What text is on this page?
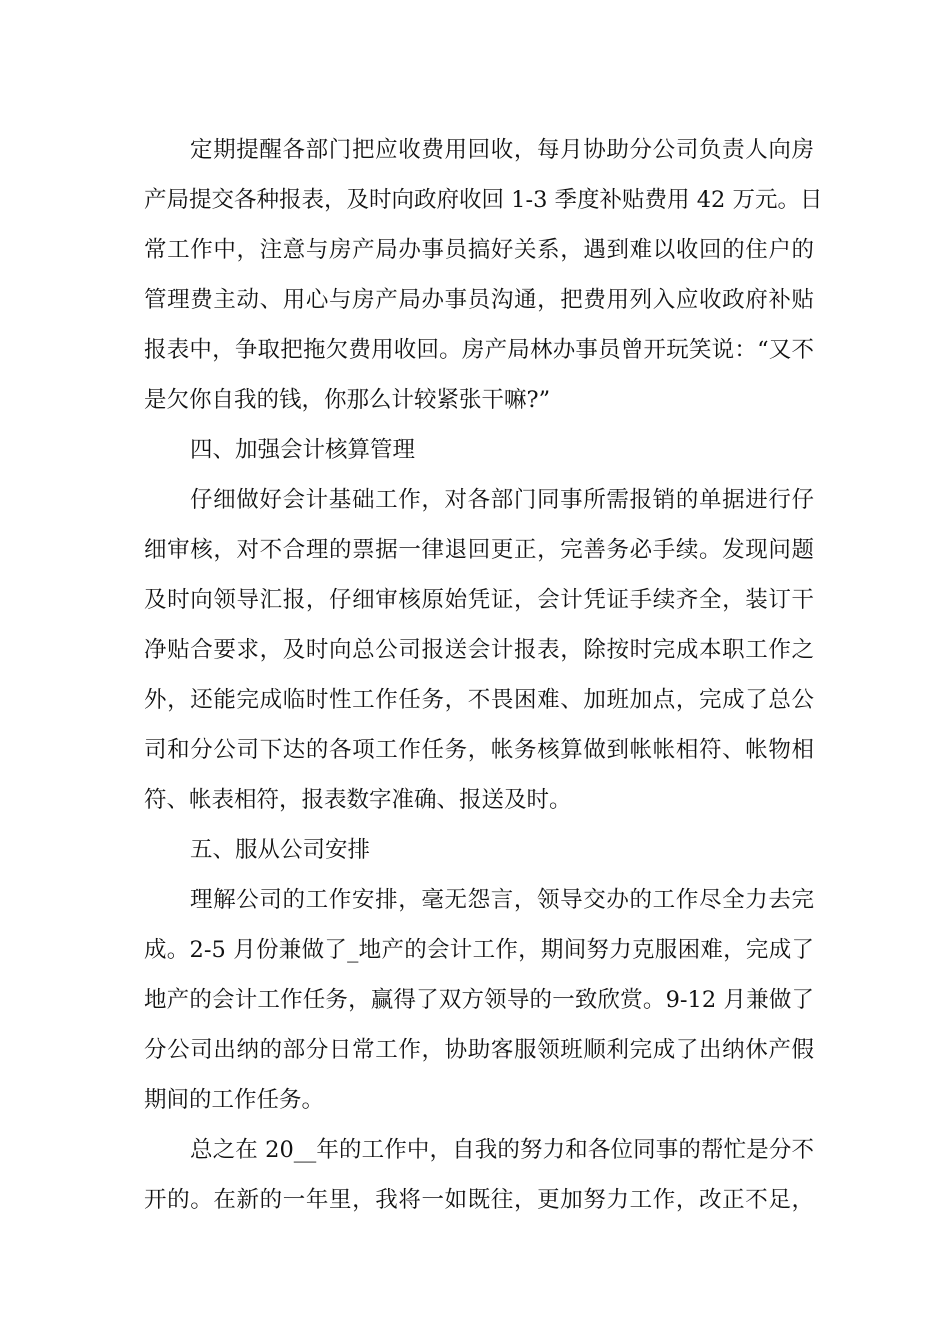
定期提醒各部门把应收费用回收，每月协助分公司负责人向房
产局提交各种报表，及时向政府收回 1-3 季度补贴费用 42 万元。日
常工作中，注意与房产局办事员搞好关系，遇到难以收回的住户的
管理费主动、用心与房产局办事员沟通，把费用列入应收政府补贴
报表中，争取把拖欠费用收回。房产局林办事员曾开玩笑说：“又不
是欠你自我的钱，你那么计较紧张干嘛?”
四、加强会计核算管理
仔细做好会计基础工作，对各部门同事所需报销的单据进行仔
细审核，对不合理的票据一律退回更正，完善务必手续。发现问题
及时向领导汇报，仔细审核原始凭证，会计凭证手续齐全，装订干
净贴合要求，及时向总公司报送会计报表，除按时完成本职工作之
外，还能完成临时性工作任务，不畏困难、加班加点，完成了总公
司和分公司下达的各项工作任务，帐务核算做到帐帐相符、帐物相
符、帐表相符，报表数字准确、报送及时。
五、服从公司安排
理解公司的工作安排，毫无怨言，领导交办的工作尽全力去完
成。2-5 月份兼做了_地产的会计工作，期间努力克服困难，完成了
地产的会计工作任务，赢得了双方领导的一致欣赏。9-12 月兼做了
分公司出纳的部分日常工作，协助客服领班顺利完成了出纳休产假
期间的工作任务。
总之在 20__年的工作中，自我的努力和各位同事的帮忙是分不
开的。在新的一年里，我将一如既往，更加努力工作，改正不足，
